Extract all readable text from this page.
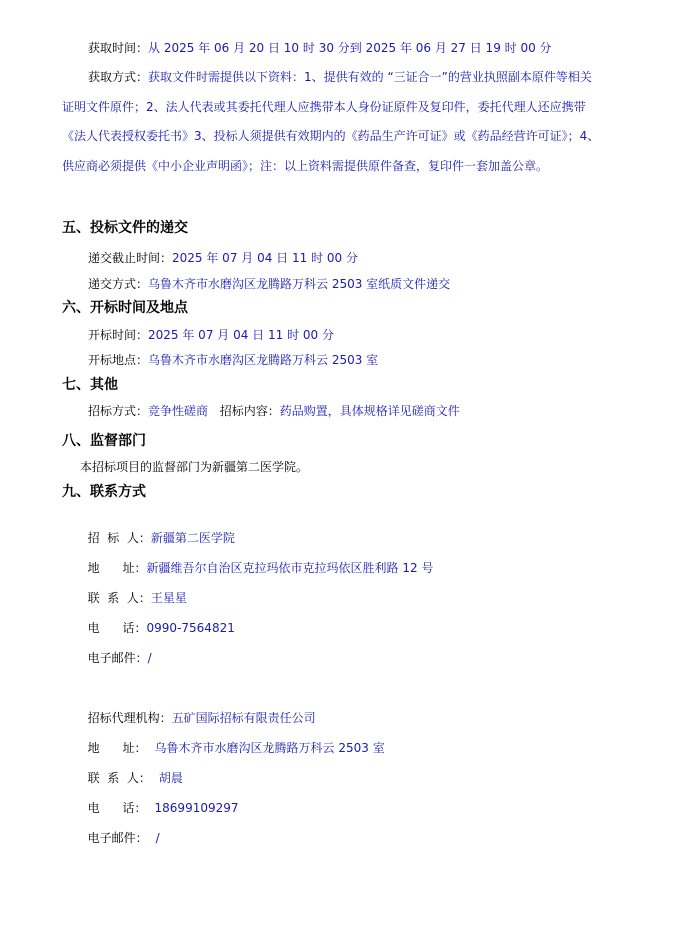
获取时间：从 2025 年 06 月 20 日 10 时 30 分到 2025 年 06 月 27 日 19 时 00 分
获取方式：获取文件时需提供以下资料：1、提供有效的 “三证合一”的营业执照副本原件等相关证明文件原件；2、法人代表或其委托代理人应携带本人身份证原件及复印件，委托代理人还应携带《法人代表授权委托书》3、投标人须提供有效期内的《药品生产许可证》或《药品经营许可证》；4、供应商必须提供《中小企业声明函》；注：以上资料需提供原件备查，复印件一套加盖公章。
五、投标文件的递交
递交截止时间：2025 年 07 月 04 日 11 时 00 分
递交方式：乌鲁木齐市水磨沟区龙腾路万科云 2503 室纸质文件递交
六、开标时间及地点
开标时间：2025 年 07 月 04 日 11 时 00 分
开标地点：乌鲁木齐市水磨沟区龙腾路万科云 2503 室
七、其他
招标方式：竞争性磋商 招标内容：药品购置，具体规格详见磋商文件
八、监督部门
本招标项目的监督部门为新疆第二医学院。
九、联系方式

招  标  人：新疆第二医学院

地      址：新疆维吾尔自治区克拉玛依市克拉玛依区胜利路 12 号

联  系  人：王星星

电      话：0990-7564821

电子邮件：/

招标代理机构：五矿国际招标有限责任公司

地      址： 乌鲁木齐市水磨沟区龙腾路万科云 2503 室

联  系  人： 胡晨

电      话： 18699109297

电子邮件： /
